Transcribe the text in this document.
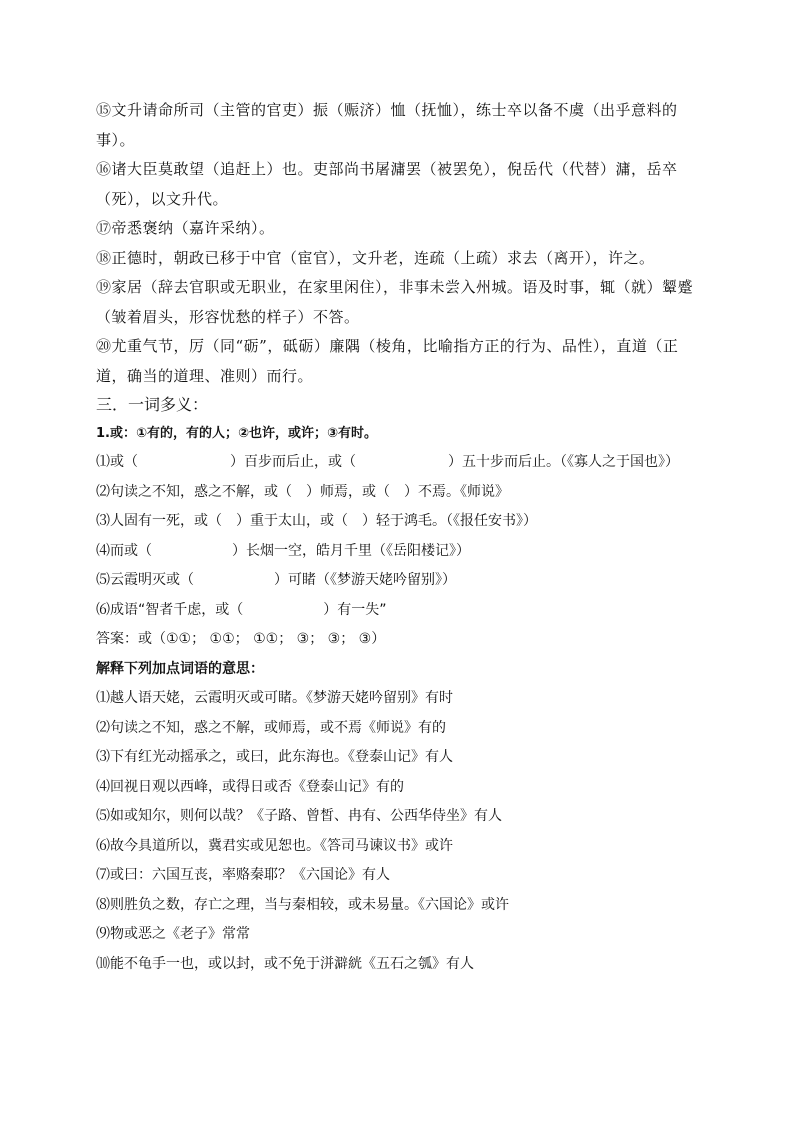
⑮文升请命所司（主管的官吏）振（赈济）恤（抚恤），练士卒以备不虞（出乎意料的事）。

⑯诸大臣莫敢望（追赶上）也。吏部尚书屠滽罢（被罢免），倪岳代（代替）滽，岳卒（死），以文升代。

⑰帝悉褒纳（嘉许采纳）。

⑱正德时，朝政已移于中官（宦官），文升老，连疏（上疏）求去（离开），许之。

⑲家居（辞去官职或无职业，在家里闲住），非事未尝入州城。语及时事，辄（就）颦蹙（皱着眉头，形容忧愁的样子）不答。

⑳尤重气节，厉（同“砺”，砥砺）廉隅（棱角，比喻指方正的行为、品性），直道（正道，确当的道理、准则）而行。

三．一词多义：

1.或：①有的，有的人；②也许，或许；③有时。

⑴或（	）百步而后止，或（	）五十步而后止。（《寡人之于国也》）

⑵句读之不知，惑之不解，或（ ）师焉，或（ ）不焉。《师说》

⑶人固有一死，或（ ）重于太山，或（ ）轻于鸿毛。（《报任安书》）

⑷而或（	）长烟一空，皓月千里（《岳阳楼记》）

⑸云霞明灭或（	）可睹（《梦游天姥吟留别》）

⑹成语“智者千虑，或（	）有一失”

答案：或（①①； ①①； ①①； ③； ③； ③）

解释下列加点词语的意思：

⑴越人语天姥，云霞明灭或可睹。《梦游天姥吟留别》有时

⑵句读之不知，惑之不解，或师焉，或不焉《师说》有的

⑶下有红光动摇承之，或曰，此东海也。《登泰山记》有人

⑷回视日观以西峰，或得日或否《登泰山记》有的

⑸如或知尔，则何以哉？《子路、曾皙、冉有、公西华侍坐》有人

⑹故今具道所以，冀君实或见恕也。《答司马谏议书》或许

⑺或曰：六国互丧，率赂秦耶？《六国论》有人

⑻则胜负之数，存亡之理，当与秦相较，或未易量。《六国论》或许

⑼物或恶之《老子》常常

⑽能不龟手一也，或以封，或不免于洴澼絖《五石之瓠》有人
